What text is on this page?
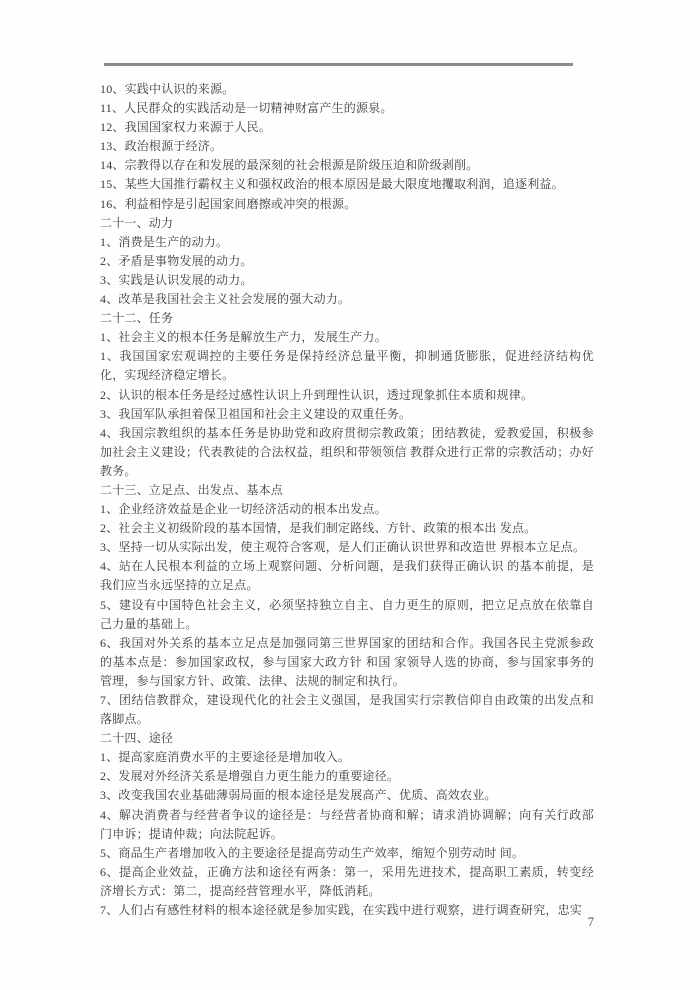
10、实践中认识的来源。

11、人民群众的实践活动是一切精神财富产生的源泉。

12、我国国家权力来源于人民。

13、政治根源于经济。

14、宗教得以存在和发展的最深刻的社会根源是阶级压迫和阶级剥削。

15、某些大国推行霸权主义和强权政治的根本原因是最大限度地攫取利润，追逐利益。

16、利益相悖是引起国家间磨擦或冲突的根源。

二十一、动力

1、消费是生产的动力。

2、矛盾是事物发展的动力。

3、实践是认识发展的动力。

4、改革是我国社会主义社会发展的强大动力。

二十二、任务

1、社会主义的根本任务是解放生产力，发展生产力。

1、我国国家宏观调控的主要任务是保持经济总量平衡，抑制通货膨胀，促进经济结构优化，实现经济稳定增长。

2、认识的根本任务是经过感性认识上升到理性认识，透过现象抓住本质和规律。

3、我国军队承担着保卫祖国和社会主义建设的双重任务。

4、我国宗教组织的基本任务是协助党和政府贯彻宗教政策；团结教徒，爱教爱国，积极参加社会主义建设；代表教徒的合法权益，组织和带领领信 教群众进行正常的宗教活动；办好教务。

二十三、立足点、出发点、基本点

1、企业经济效益是企业一切经济活动的根本出发点。

2、社会主义初级阶段的基本国情，是我们制定路线、方针、政策的根本出 发点。

3、坚持一切从实际出发，使主观符合客观，是人们正确认识世界和改造世 界根本立足点。

4、站在人民根本利益的立场上观察问题、分析问题，是我们获得正确认识 的基本前提，是我们应当永远坚持的立足点。

5、建设有中国特色社会主义，必须坚持独立自主、自力更生的原则，把立足点放在依靠自己力量的基础上。

6、我国对外关系的基本立足点是加强同第三世界国家的团结和合作。我国各民主党派参政的基本点是：参加国家政权，参与国家大政方针 和国 家领导人选的协商，参与国家事务的管理，参与国家方针、政策、法律、法规的制定和执行。

7、团结信教群众，建设现代化的社会主义强国，是我国实行宗教信仰自由政策的出发点和落脚点。

二十四、途径

1、提高家庭消费水平的主要途径是增加收入。

2、发展对外经济关系是增强自力更生能力的重要途径。

3、改变我国农业基础薄弱局面的根本途径是发展高产、优质、高效农业。

4、解决消费者与经营者争议的途径是：与经营者协商和解；请求消协调解；向有关行政部门申诉；提请仲裁；向法院起诉。

5、商品生产者增加收入的主要途径是提高劳动生产效率，缩短个别劳动时 间。

6、提高企业效益，正确方法和途径有两条：第一，采用先进技术，提高职工素质，转变经济增长方式：第二，提高经营管理水平，降低消耗。

7、人们占有感性材料的根本途径就是参加实践，在实践中进行观察，进行调查研究，忠实

7
